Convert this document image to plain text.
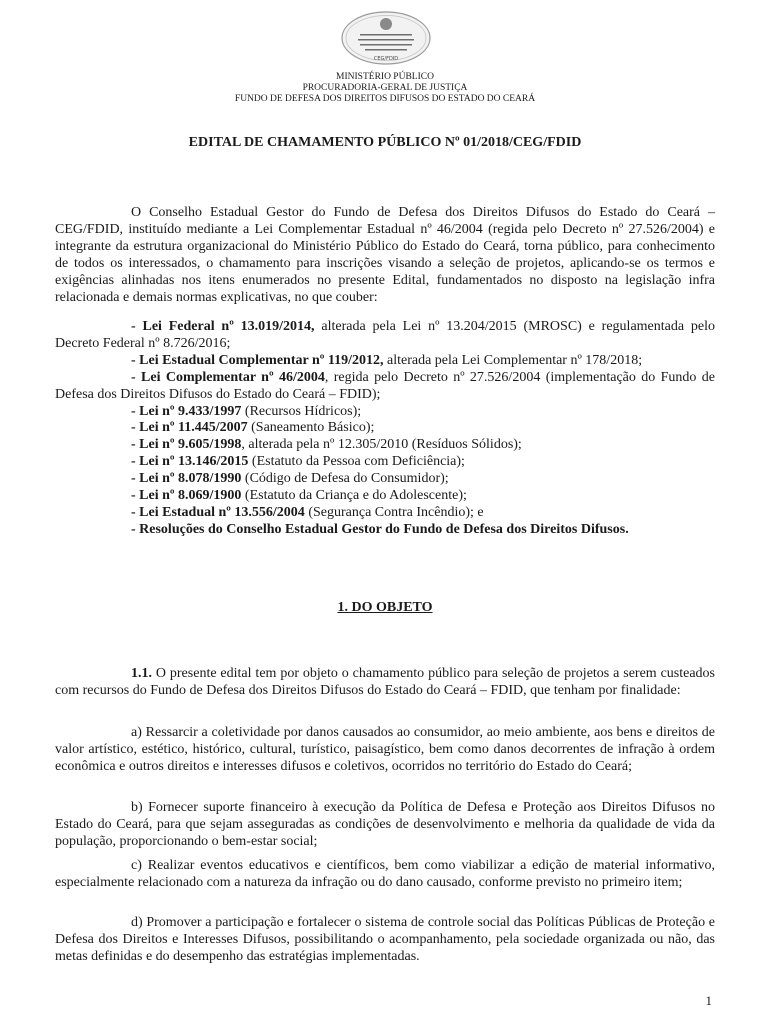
CEG/FDID
MINISTÉRIO PÚBLICO
PROCURADORIA-GERAL DE JUSTIÇA
FUNDO DE DEFESA DOS DIREITOS DIFUSOS DO ESTADO DO CEARÁ
EDITAL DE CHAMAMENTO PÚBLICO Nº 01/2018/CEG/FDID

O Conselho Estadual Gestor do Fundo de Defesa dos Direitos Difusos do Estado do Ceará – CEG/FDID, instituído mediante a Lei Complementar Estadual nº 46/2004 (regida pelo Decreto nº 27.526/2004) e integrante da estrutura organizacional do Ministério Público do Estado do Ceará, torna público, para conhecimento de todos os interessados, o chamamento para inscrições visando a seleção de projetos, aplicando-se os termos e exigências alinhadas nos itens enumerados no presente Edital, fundamentados no disposto na legislação infra relacionada e demais normas explicativas, no que couber:

- Lei Federal nº 13.019/2014, alterada pela Lei nº 13.204/2015 (MROSC) e regulamentada pelo Decreto Federal nº 8.726/2016;

- Lei Estadual Complementar nº 119/2012, alterada pela Lei Complementar nº 178/2018;

- Lei Complementar nº 46/2004, regida pelo Decreto nº 27.526/2004 (implementação do Fundo de Defesa dos Direitos Difusos do Estado do Ceará – FDID);

- Lei nº 9.433/1997 (Recursos Hídricos);

- Lei nº 11.445/2007 (Saneamento Básico);

- Lei nº 9.605/1998, alterada pela nº 12.305/2010 (Resíduos Sólidos);

- Lei nº 13.146/2015 (Estatuto da Pessoa com Deficiência);

- Lei nº 8.078/1990 (Código de Defesa do Consumidor);

- Lei nº 8.069/1900 (Estatuto da Criança e do Adolescente);

- Lei Estadual nº 13.556/2004 (Segurança Contra Incêndio); e

- Resoluções do Conselho Estadual Gestor do Fundo de Defesa dos Direitos Difusos.

1. DO OBJETO

1.1. O presente edital tem por objeto o chamamento público para seleção de projetos a serem custeados com recursos do Fundo de Defesa dos Direitos Difusos do Estado do Ceará – FDID, que tenham por finalidade:

a) Ressarcir a coletividade por danos causados ao consumidor, ao meio ambiente, aos bens e direitos de valor artístico, estético, histórico, cultural, turístico, paisagístico, bem como danos decorrentes de infração à ordem econômica e outros direitos e interesses difusos e coletivos, ocorridos no território do Estado do Ceará;

b) Fornecer suporte financeiro à execução da Política de Defesa e Proteção aos Direitos Difusos no Estado do Ceará, para que sejam asseguradas as condições de desenvolvimento e melhoria da qualidade de vida da população, proporcionando o bem-estar social;

c) Realizar eventos educativos e científicos, bem como viabilizar a edição de material informativo, especialmente relacionado com a natureza da infração ou do dano causado, conforme previsto no primeiro item;

d) Promover a participação e fortalecer o sistema de controle social das Políticas Públicas de Proteção e Defesa dos Direitos e Interesses Difusos, possibilitando o acompanhamento, pela sociedade organizada ou não, das metas definidas e do desempenho das estratégias implementadas.

1
